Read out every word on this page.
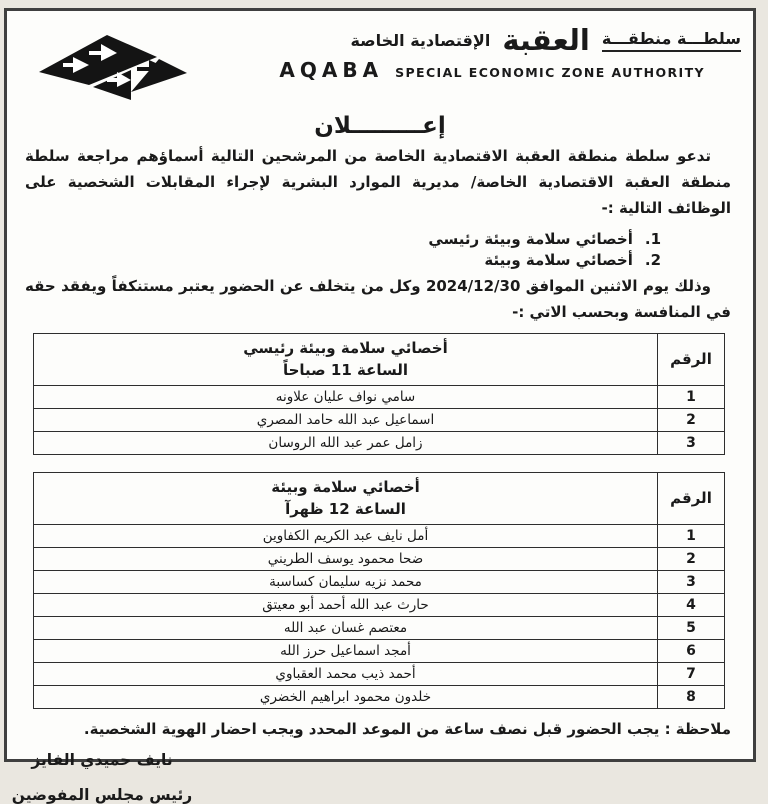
سلطـــة منطقـــة
العقبة
الإقتصادية الخاصة
AQABA SPECIAL ECONOMIC ZONE AUTHORITY
إعـــــــــلان

تدعو سلطة منطقة العقبة الاقتصادية الخاصة من المرشحين التالية أسماؤهم مراجعة سلطة منطقة العقبة الاقتصادية الخاصة/ مديرية الموارد البشرية لإجراء المقابلات الشخصية على الوظائف التالية :-

1.أخصائي سلامة وبيئة رئيسي
2.أخصائي سلامة وبيئة

وذلك يوم الاثنين الموافق 2024/12/30 وكل من يتخلف عن الحضور يعتبر مستنكفاً ويفقد حقه في المنافسة وبحسب الاتي :-

الرقم	أخصائي سلامة وبيئة رئيسي
الساعة 11 صباحاً

1	سامي نواف عليان علاونه
2	اسماعيل عبد الله حامد المصري
3	زامل عمر عبد الله الروسان
الرقم	أخصائي سلامة وبيئة
الساعة 12 ظهرآ

1	أمل نايف عبد الكريم الكفاوين
2	ضحا محمود يوسف الطريني
3	محمد نزيه سليمان كساسبة
4	حارث عبد الله أحمد أبو معيتق
5	معتصم غسان عبد الله
6	أمجد اسماعيل حرز الله
7	أحمد ذيب محمد العقباوي
8	خلدون محمود ابراهيم الخضري

ملاحظة : يجب الحضور قبل نصف ساعة من الموعد المحدد ويجب احضار الهوية الشخصية.

نايف حميدي الفايز
رئيس مجلس المفوضين
